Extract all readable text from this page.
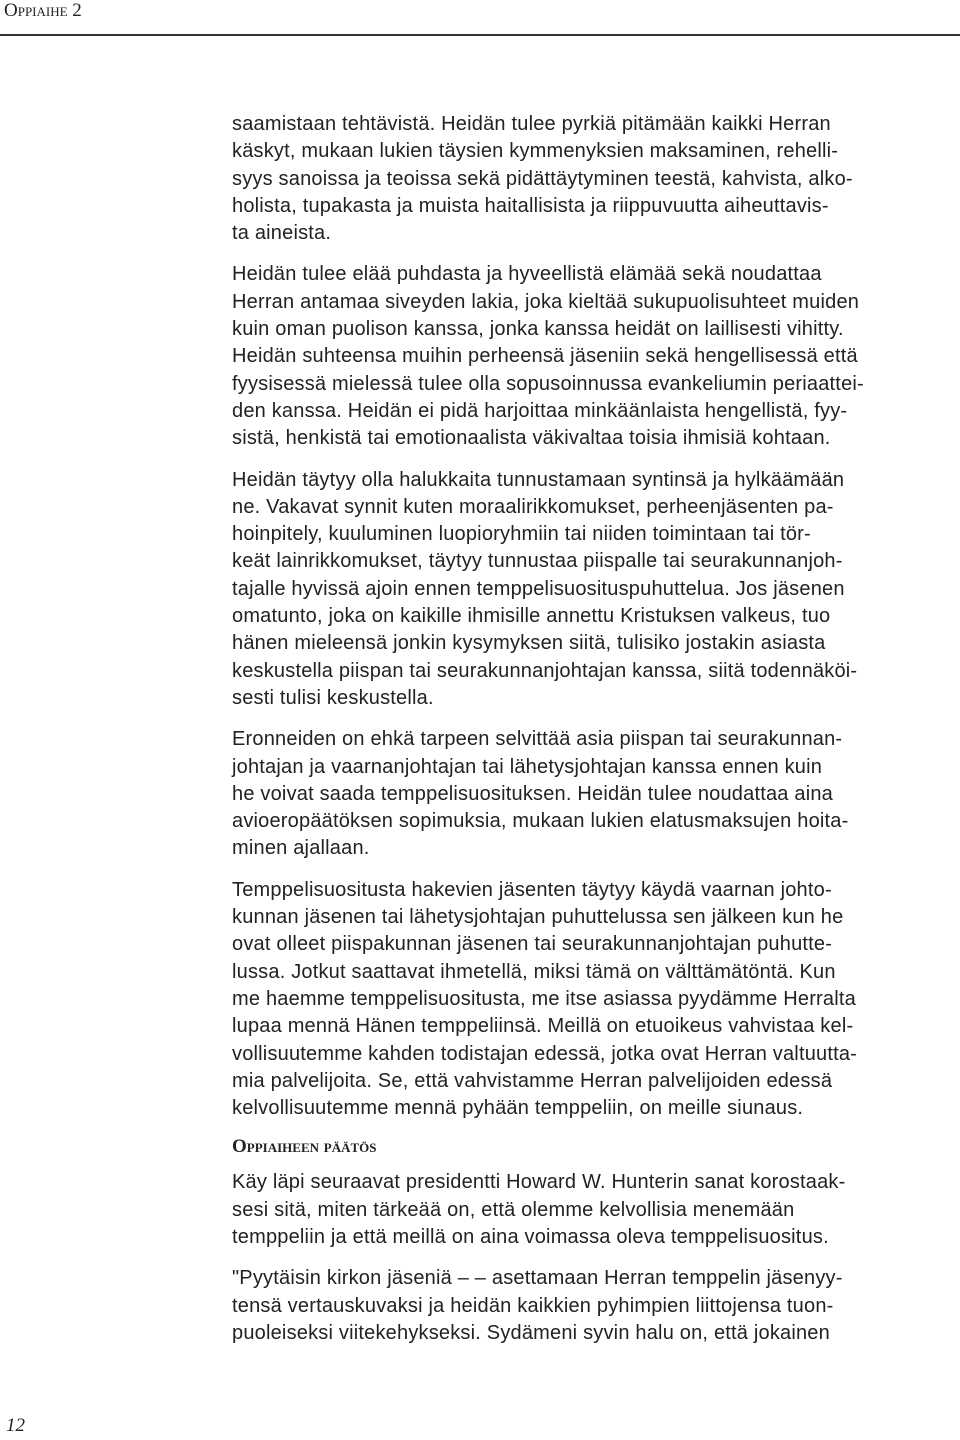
Oppiaihe 2

saamistaan tehtävistä. Heidän tulee pyrkiä pitämään kaikki Herran
käskyt, mukaan lukien täysien kymmenyksien maksaminen, rehelli-
syys sanoissa ja teoissa sekä pidättäytyminen teestä, kahvista, alko-
holista, tupakasta ja muista haitallisista ja riippuvuutta aiheuttavis-
ta aineista.

Heidän tulee elää puhdasta ja hyveellistä elämää sekä noudattaa
Herran antamaa siveyden lakia, joka kieltää sukupuolisuhteet muiden
kuin oman puolison kanssa, jonka kanssa heidät on laillisesti vihitty.
Heidän suhteensa muihin perheensä jäseniin sekä hengellisessä että
fyysisessä mielessä tulee olla sopusoinnussa evankeliumin periaattei-
den kanssa. Heidän ei pidä harjoittaa minkäänlaista hengellistä, fyy-
sistä, henkistä tai emotionaalista väkivaltaa toisia ihmisiä kohtaan.

Heidän täytyy olla halukkaita tunnustamaan syntinsä ja hylkäämään
ne. Vakavat synnit kuten moraalirikkomukset, perheenjäsenten pa-
hoinpitely, kuuluminen luopioryhmiin tai niiden toimintaan tai tör-
keät lainrikkomukset, täytyy tunnustaa piispalle tai seurakunnanjoh-
tajalle hyvissä ajoin ennen temppelisuosituspuhuttelua. Jos jäsenen
omatunto, joka on kaikille ihmisille annettu Kristuksen valkeus, tuo
hänen mieleensä jonkin kysymyksen siitä, tulisiko jostakin asiasta
keskustella piispan tai seurakunnanjohtajan kanssa, siitä todennäköi-
sesti tulisi keskustella.

Eronneiden on ehkä tarpeen selvittää asia piispan tai seurakunnan-
johtajan ja vaarnanjohtajan tai lähetysjohtajan kanssa ennen kuin
he voivat saada temppelisuosituksen. Heidän tulee noudattaa aina
avioeropäätöksen sopimuksia, mukaan lukien elatusmaksujen hoita-
minen ajallaan.

Temppelisuositusta hakevien jäsenten täytyy käydä vaarnan johto-
kunnan jäsenen tai lähetysjohtajan puhuttelussa sen jälkeen kun he
ovat olleet piispakunnan jäsenen tai seurakunnanjohtajan puhutte-
lussa. Jotkut saattavat ihmetellä, miksi tämä on välttämätöntä. Kun
me haemme temppelisuositusta, me itse asiassa pyydämme Herralta
lupaa mennä Hänen temppeliinsä. Meillä on etuoikeus vahvistaa kel-
vollisuutemme kahden todistajan edessä, jotka ovat Herran valtuutta-
mia palvelijoita. Se, että vahvistamme Herran palvelijoiden edessä
kelvollisuutemme mennä pyhään temppeliin, on meille siunaus.

Oppiaiheen päätös

Käy läpi seuraavat presidentti Howard W. Hunterin sanat korostaak-
sesi sitä, miten tärkeää on, että olemme kelvollisia menemään
temppeliin ja että meillä on aina voimassa oleva temppelisuositus.

"Pyytäisin kirkon jäseniä – – asettamaan Herran temppelin jäsenyy-
tensä vertauskuvaksi ja heidän kaikkien pyhimpien liittojensa tuon-
puoleiseksi viitekehykseksi. Sydämeni syvin halu on, että jokainen

12
